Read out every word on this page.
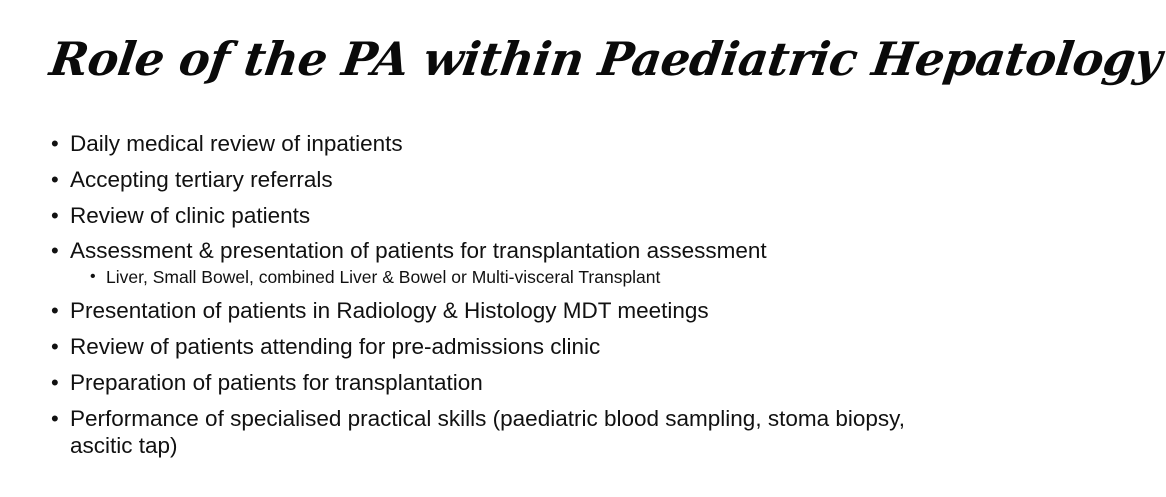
Role of the PA within Paediatric Hepatology
• Daily medical review of inpatients
• Accepting tertiary referrals
• Review of clinic patients
• Assessment & presentation of patients for transplantation assessment
• Liver, Small Bowel, combined Liver & Bowel or Multi-visceral Transplant
• Presentation of patients in Radiology & Histology MDT meetings
• Review of patients attending for pre-admissions clinic
• Preparation of patients for transplantation
• Performance of specialised practical skills (paediatric blood sampling, stoma biopsy, ascitic tap)
